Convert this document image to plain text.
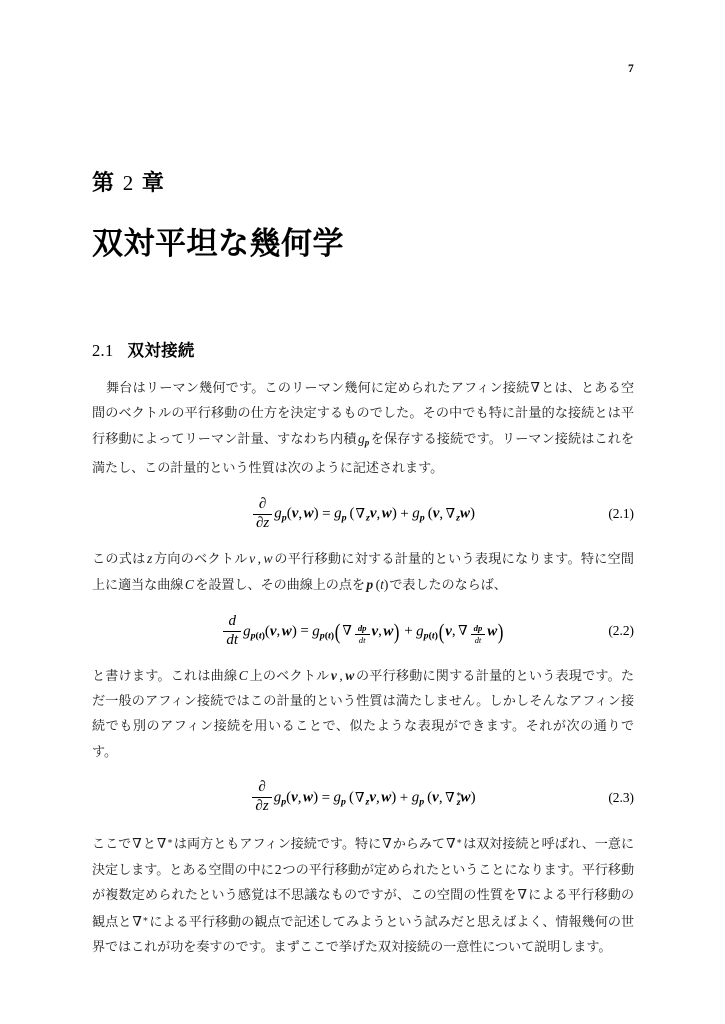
7
第 2 章
双対平坦な幾何学
2.1 双対接続

舞台はリーマン幾何です。このリーマン幾何に定められたアフィン接続∇とは、とある空間のベクトルの平行移動の仕方を決定するものでした。その中でも特に計量的な接続とは平行移動によってリーマン計量、すなわち内積 gp を保存する接続です。リーマン接続はこれを満たし、この計量的という性質は次のように記述されます。

$\frac{\partial}{\partial z} gp(v$, w) = gp (∇zv, w) + gp (v, ∇zw)	(2.1)

この式は z 方向のベクトル v , w の平行移動に対する計量的という表現になります。特に空間上に適当な曲線 C を設置し、その曲線上の点を p (t)で表したのならば、

$\frac{d}{dt} gp(t)(v$, w) = gp(t)( ∇ $\frac{dp}{dt} v$, w) + gp(t)(v, ∇ $\frac{dp}{dt} w$)	(2.2)

と書けます。これは曲線 C 上のベクトル v , w の平行移動に関する計量的という表現です。ただ一般のアフィン接続ではこの計量的という性質は満たしません。しかしそんなアフィン接続でも別のアフィン接続を用いることで、似たような表現ができます。それが次の通りです。

$\frac{\partial}{\partial z} gp(v$, w) = gp (∇zv, w) + gp (v, ∇∗zw)	(2.3)

ここで∇と∇ ∗ は両方ともアフィン接続です。特に∇からみて∇ ∗ は双対接続と呼ばれ、一意に決定します。とある空間の中に2つの平行移動が定められたということになります。平行移動が複数定められたという感覚は不思議なものですが、この空間の性質を∇による平行移動の観点と∇ ∗ による平行移動の観点で記述してみようという試みだと思えばよく、情報幾何の世界ではこれが功を奏すのです。まずここで挙げた双対接続の一意性について説明します。
